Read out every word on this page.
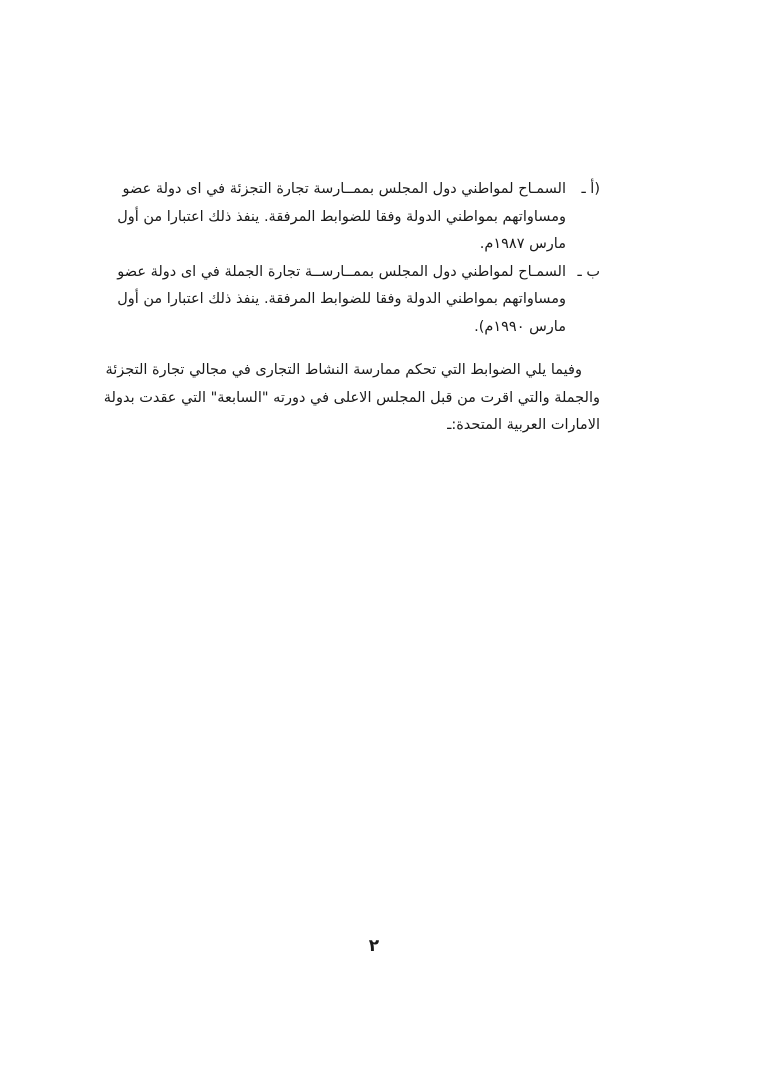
(أ ـ
السمـاح لمواطني دول المجلس بممــارسة تجارة التجزئة في اى دولة عضو
ومساواتهم بمواطني الدولة وفقا للضوابط المرفقة. ينفذ ذلك اعتبارا من أول
مارس ١٩٨٧م.
ب ـ
السمـاح لمواطني دول المجلس بممــارســة تجارة الجملة في اى دولة عضو
ومساواتهم بمواطني الدولة وفقا للضوابط المرفقة. ينفذ ذلك اعتبارا من أول
مارس ١٩٩٠م).
وفيما يلي الضوابط التي تحكم ممارسة النشاط التجارى في مجالي تجارة التجزئة
والجملة والتي اقرت من قبل المجلس الاعلى في دورته "السابعة" التي عقدت بدولة
الامارات العربية المتحدة:ـ
٢
